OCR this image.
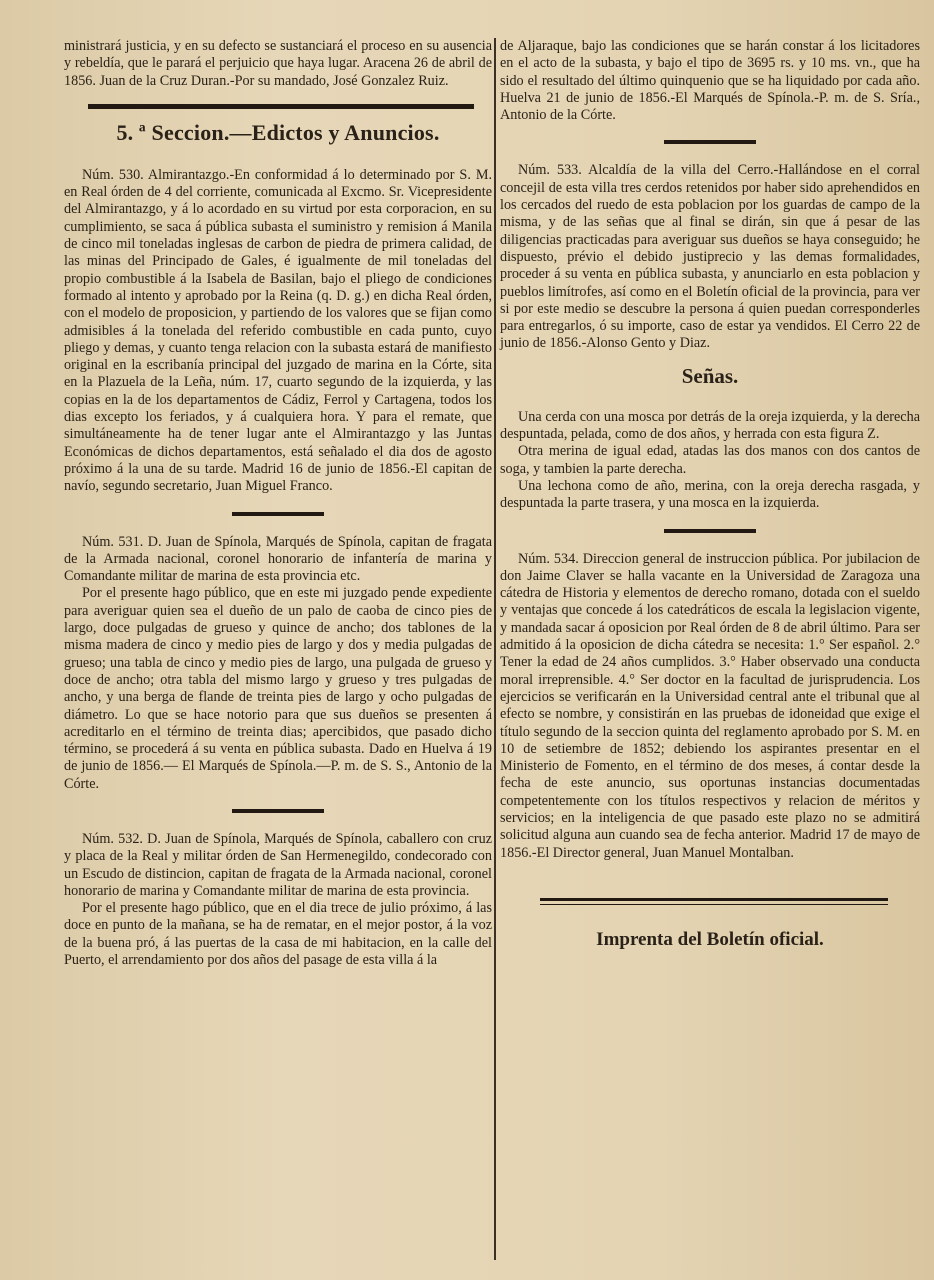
ministrará justicia, y en su defecto se sustanciará el proceso en su ausencia y rebeldía, que le parará el perjuicio que haya lugar. Aracena 26 de abril de 1856. Juan de la Cruz Duran.-Por su mandado, José Gonzalez Ruiz.

5. ª Seccion.—Edictos y Anuncios.

Núm. 530. Almirantazgo.-En conformidad á lo determinado por S. M. en Real órden de 4 del corriente, comunicada al Excmo. Sr. Vicepresidente del Almirantazgo, y á lo acordado en su virtud por esta corporacion, en su cumplimiento, se saca á pública subasta el suministro y remision á Manila de cinco mil toneladas inglesas de carbon de piedra de primera calidad, de las minas del Principado de Gales, é igualmente de mil toneladas del propio combustible á la Isabela de Basilan, bajo el pliego de condiciones formado al intento y aprobado por la Reina (q. D. g.) en dicha Real órden, con el modelo de proposicion, y partiendo de los valores que se fijan como admisibles á la tonelada del referido combustible en cada punto, cuyo pliego y demas, y cuanto tenga relacion con la subasta estará de manifiesto original en la escribanía principal del juzgado de marina en la Córte, sita en la Plazuela de la Leña, núm. 17, cuarto segundo de la izquierda, y las copias en la de los departamentos de Cádiz, Ferrol y Cartagena, todos los dias excepto los feriados, y á cualquiera hora. Y para el remate, que simultáneamente ha de tener lugar ante el Almirantazgo y las Juntas Económicas de dichos departamentos, está señalado el dia dos de agosto próximo á la una de su tarde. Madrid 16 de junio de 1856.-El capitan de navío, segundo secretario, Juan Miguel Franco.

Núm. 531. D. Juan de Spínola, Marqués de Spínola, capitan de fragata de la Armada nacional, coronel honorario de infantería de marina y Comandante militar de marina de esta provincia etc.

Por el presente hago público, que en este mi juzgado pende expediente para averiguar quien sea el dueño de un palo de caoba de cinco pies de largo, doce pulgadas de grueso y quince de ancho; dos tablones de la misma madera de cinco y medio pies de largo y dos y media pulgadas de grueso; una tabla de cinco y medio pies de largo, una pulgada de grueso y doce de ancho; otra tabla del mismo largo y grueso y tres pulgadas de ancho, y una berga de flande de treinta pies de largo y ocho pulgadas de diámetro. Lo que se hace notorio para que sus dueños se presenten á acreditarlo en el término de treinta dias; apercibidos, que pasado dicho término, se procederá á su venta en pública subasta. Dado en Huelva á 19 de junio de 1856.— El Marqués de Spínola.—P. m. de S. S., Antonio de la Córte.

Núm. 532. D. Juan de Spínola, Marqués de Spínola, caballero con cruz y placa de la Real y militar órden de San Hermenegildo, condecorado con un Escudo de distincion, capitan de fragata de la Armada nacional, coronel honorario de marina y Comandante militar de marina de esta provincia.

Por el presente hago público, que en el dia trece de julio próximo, á las doce en punto de la mañana, se ha de rematar, en el mejor postor, á la voz de la buena pró, á las puertas de la casa de mi habitacion, en la calle del Puerto, el arrendamiento por dos años del pasage de esta villa á la

de Aljaraque, bajo las condiciones que se harán constar á los licitadores en el acto de la subasta, y bajo el tipo de 3695 rs. y 10 ms. vn., que ha sido el resultado del último quinquenio que se ha liquidado por cada año. Huelva 21 de junio de 1856.-El Marqués de Spínola.-P. m. de S. Sría., Antonio de la Córte.

Núm. 533. Alcaldía de la villa del Cerro.-Hallándose en el corral concejil de esta villa tres cerdos retenidos por haber sido aprehendidos en los cercados del ruedo de esta poblacion por los guardas de campo de la misma, y de las señas que al final se dirán, sin que á pesar de las diligencias practicadas para averiguar sus dueños se haya conseguido; he dispuesto, prévio el debido justiprecio y las demas formalidades, proceder á su venta en pública subasta, y anunciarlo en esta poblacion y pueblos limítrofes, así como en el Boletín oficial de la provincia, para ver si por este medio se descubre la persona á quien puedan corresponderles para entregarlos, ó su importe, caso de estar ya vendidos. El Cerro 22 de junio de 1856.-Alonso Gento y Diaz.

Señas.

Una cerda con una mosca por detrás de la oreja izquierda, y la derecha despuntada, pelada, como de dos años, y herrada con esta figura Z.

Otra merina de igual edad, atadas las dos manos con dos cantos de soga, y tambien la parte derecha.

Una lechona como de año, merina, con la oreja derecha rasgada, y despuntada la parte trasera, y una mosca en la izquierda.

Núm. 534. Direccion general de instruccion pública. Por jubilacion de don Jaime Claver se halla vacante en la Universidad de Zaragoza una cátedra de Historia y elementos de derecho romano, dotada con el sueldo y ventajas que concede á los catedráticos de escala la legislacion vigente, y mandada sacar á oposicion por Real órden de 8 de abril último. Para ser admitido á la oposicion de dicha cátedra se necesita: 1.° Ser español. 2.° Tener la edad de 24 años cumplidos. 3.° Haber observado una conducta moral irreprensible. 4.° Ser doctor en la facultad de jurisprudencia. Los ejercicios se verificarán en la Universidad central ante el tribunal que al efecto se nombre, y consistirán en las pruebas de idoneidad que exige el título segundo de la seccion quinta del reglamento aprobado por S. M. en 10 de setiembre de 1852; debiendo los aspirantes presentar en el Ministerio de Fomento, en el término de dos meses, á contar desde la fecha de este anuncio, sus oportunas instancias documentadas competentemente con los títulos respectivos y relacion de méritos y servicios; en la inteligencia de que pasado este plazo no se admitirá solicitud alguna aun cuando sea de fecha anterior. Madrid 17 de mayo de 1856.-El Director general, Juan Manuel Montalban.

Imprenta del Boletín oficial.
